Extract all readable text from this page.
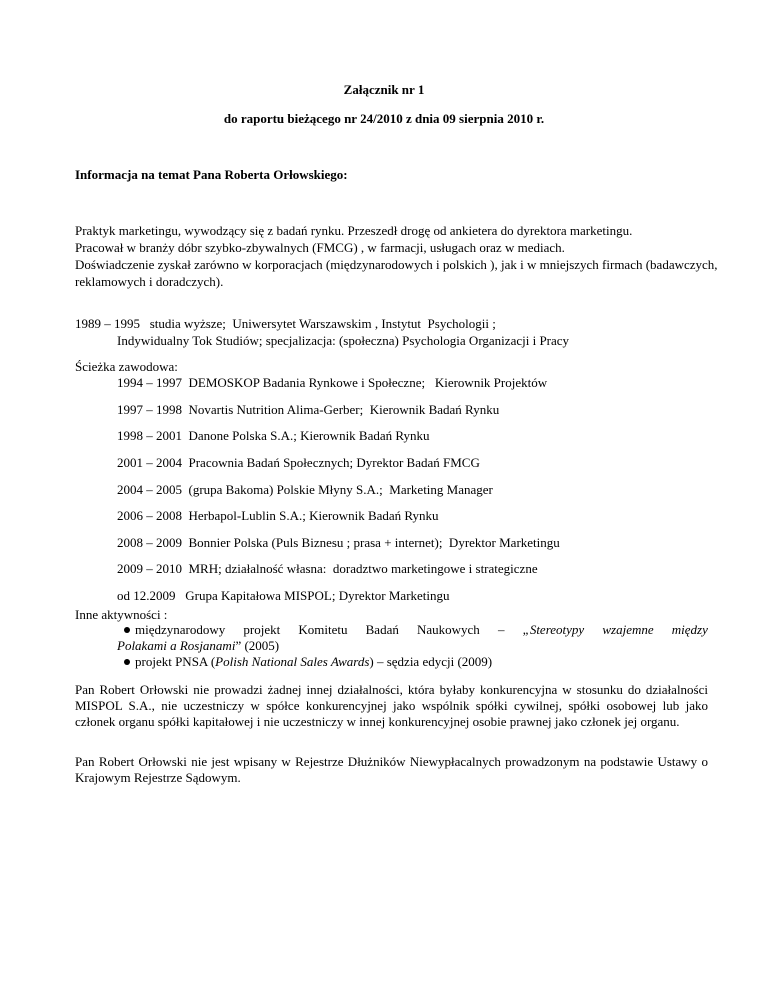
Załącznik nr 1
do raportu bieżącego nr 24/2010 z dnia 09 sierpnia 2010 r.
Informacja na temat Pana Roberta Orłowskiego:
Praktyk marketingu, wywodzący się z badań rynku. Przeszedł drogę od ankietera do dyrektora marketingu.
Pracował w branży dóbr szybko-zbywalnych (FMCG) , w farmacji, usługach oraz w mediach.
Doświadczenie zyskał zarówno w korporacjach (międzynarodowych i polskich ), jak i w mniejszych firmach (badawczych,
reklamowych i doradczych).
1989 – 1995   studia wyższe;  Uniwersytet Warszawskim , Instytut  Psychologii ;
Indywidualny Tok Studiów; specjalizacja: (społeczna) Psychologia Organizacji i Pracy
Ścieżka zawodowa:
1994 – 1997  DEMOSKOP Badania Rynkowe i Społeczne;   Kierownik Projektów
1997 – 1998  Novartis Nutrition Alima-Gerber;  Kierownik Badań Rynku
1998 – 2001  Danone Polska S.A.; Kierownik Badań Rynku
2001 – 2004  Pracownia Badań Społecznych; Dyrektor Badań FMCG
2004 – 2005  (grupa Bakoma) Polskie Młyny S.A.;  Marketing Manager
2006 – 2008  Herbapol-Lublin S.A.; Kierownik Badań Rynku
2008 – 2009  Bonnier Polska (Puls Biznesu ; prasa + internet);  Dyrektor Marketingu
2009 – 2010  MRH; działalność własna:  doradztwo marketingowe i strategiczne
od 12.2009   Grupa Kapitałowa MISPOL; Dyrektor Marketingu
Inne aktywności :
międzynarodowy projekt Komitetu Badań Naukowych – „Stereotypy wzajemne między
Polakami a Rosjanami” (2005)
projekt PNSA (Polish National Sales Awards) – sędzia edycji (2009)
Pan Robert Orłowski nie prowadzi żadnej innej działalności, która byłaby konkurencyjna w stosunku do działalności MISPOL S.A., nie uczestniczy w spółce konkurencyjnej jako wspólnik spółki cywilnej, spółki osobowej lub jako członek organu spółki kapitałowej i nie uczestniczy w innej konkurencyjnej osobie prawnej jako członek jej organu.
Pan Robert Orłowski nie jest wpisany w Rejestrze Dłużników Niewypłacalnych prowadzonym na podstawie Ustawy o Krajowym Rejestrze Sądowym.
